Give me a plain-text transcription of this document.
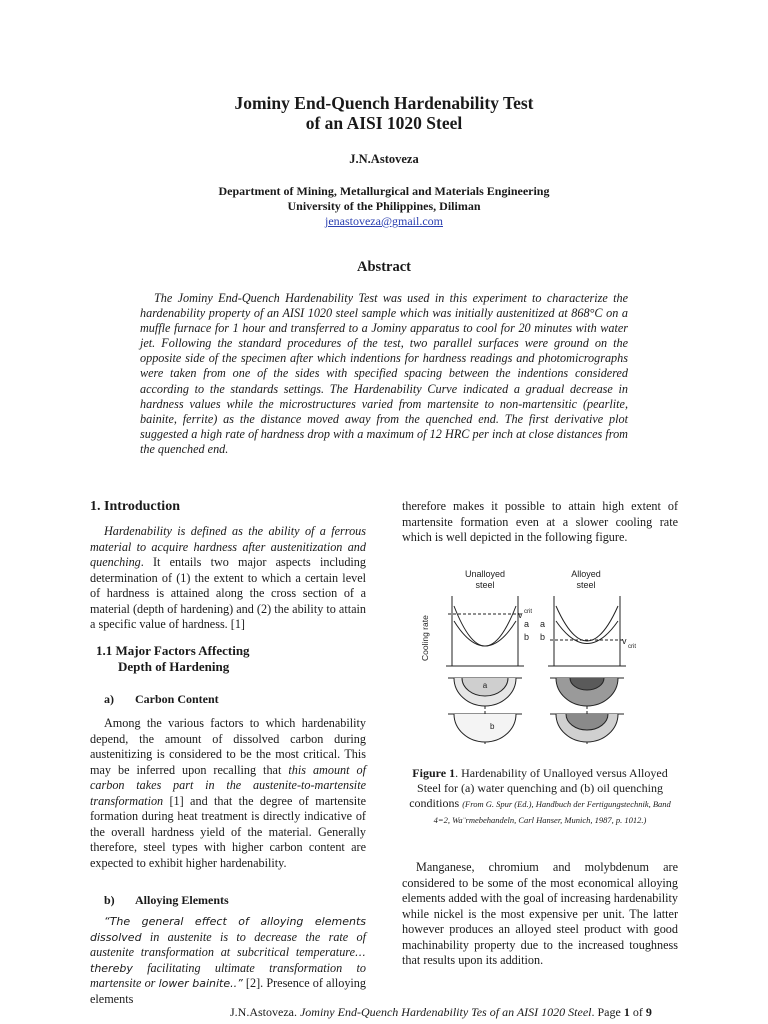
Jominy End-Quench Hardenability Test
of an AISI 1020 Steel
J.N.Astoveza
Department of Mining, Metallurgical and Materials Engineering
University of the Philippines, Diliman
jenastoveza@gmail.com
Abstract

The Jominy End-Quench Hardenability Test was used in this experiment to characterize the hardenability property of an AISI 1020 steel sample which was initially austenitized at 868°C on a muffle furnace for 1 hour and transferred to a Jominy apparatus to cool for 20 minutes with water jet. Following the standard procedures of the test, two parallel surfaces were ground on the opposite side of the specimen after which indentions for hardness readings and photomicrographs were taken from one of the sides with specified spacing between the indentions considered according to the standards settings. The Hardenability Curve indicated a gradual decrease in hardness values while the microstructures varied from martensite to non-martensitic (pearlite, bainite, ferrite) as the distance moved away from the quenched end. The first derivative plot suggested a high rate of hardness drop with a maximum of 12 HRC per inch at close distances from the quenched end.

1. Introduction

Hardenability is defined as the ability of a ferrous material to acquire hardness after austenitization and quenching. It entails two major aspects including determination of (1) the extent to which a certain level of hardness is attained along the cross section of a material (depth of hardening) and (2) the ability to attain a specific value of hardness. [1]

1.1 Major Factors Affecting
Depth of Hardening
a)       Carbon Content

Among the various factors to which hardenability depend, the amount of dissolved carbon during austenitizing is considered to be the most critical. This may be inferred upon recalling that this amount of carbon takes part in the austenite-to-martensite transformation [1] and that the degree of martensite formation during heat treatment is directly indicative of the overall hardness yield of the material. Generally therefore, steel types with higher carbon content are expected to exhibit higher hardenability.

b)       Alloying Elements

“The general effect of alloying elements dissolved in austenite is to decrease the rate of austenite transformation at subcritical temperature… thereby facilitating ultimate transformation to martensite or lower bainite..” [2]. Presence of alloying elements

therefore makes it possible to attain high extent of martensite formation even at a slower cooling rate which is well depicted in the following figure.

Unalloyed
steel
Alloyed
steel
Cooling rate
v crit
a
b
a
b	v
crit
a
b
Figure 1. Hardenability of Unalloyed versus Alloyed Steel for (a) water quenching and (b) oil quenching conditions (From G. Spur (Ed.), Handbuch der Fertigungstechnik, Band 4=2, Wa¨rmebehandeln, Carl Hanser, Munich, 1987, p. 1012.)

Manganese, chromium and molybdenum are considered to be some of the most economical alloying elements added with the goal of increasing hardenability while nickel is the most expensive per unit. The latter however produces an alloyed steel product with good machinability property due to the increased toughness that results upon its addition.

J.N.Astoveza. Jominy End-Quench Hardenability Tes of an AISI 1020 Steel. Page 1 of 9
